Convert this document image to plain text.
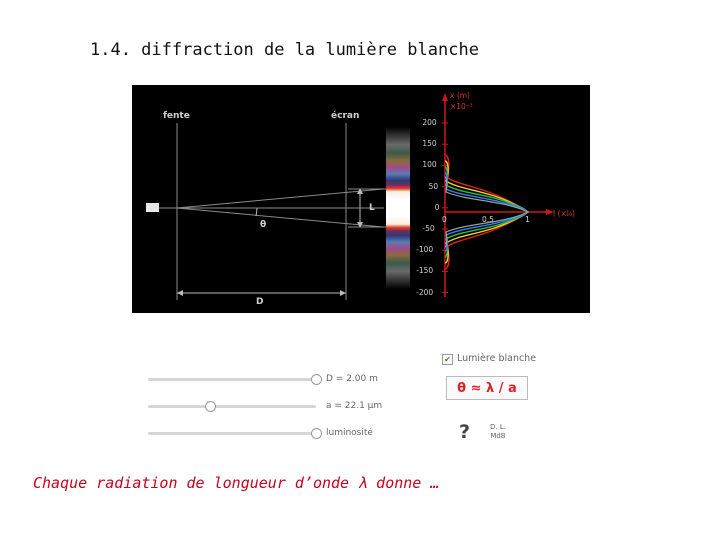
1.4. diffraction de la lumière blanche
fente	écran
L
θ
D
x (m)
×10⁻³
I (×I₀)
200
150
100
50
0
-50
-100
-150
-200
0	0.5	1
✔ Lumière blanche
D = 2.00 m
a = 22.1 µm
luminosité
θ ≈ λ / a
?	D. L.
MdB
Chaque radiation de longueur d’onde λ donne …
